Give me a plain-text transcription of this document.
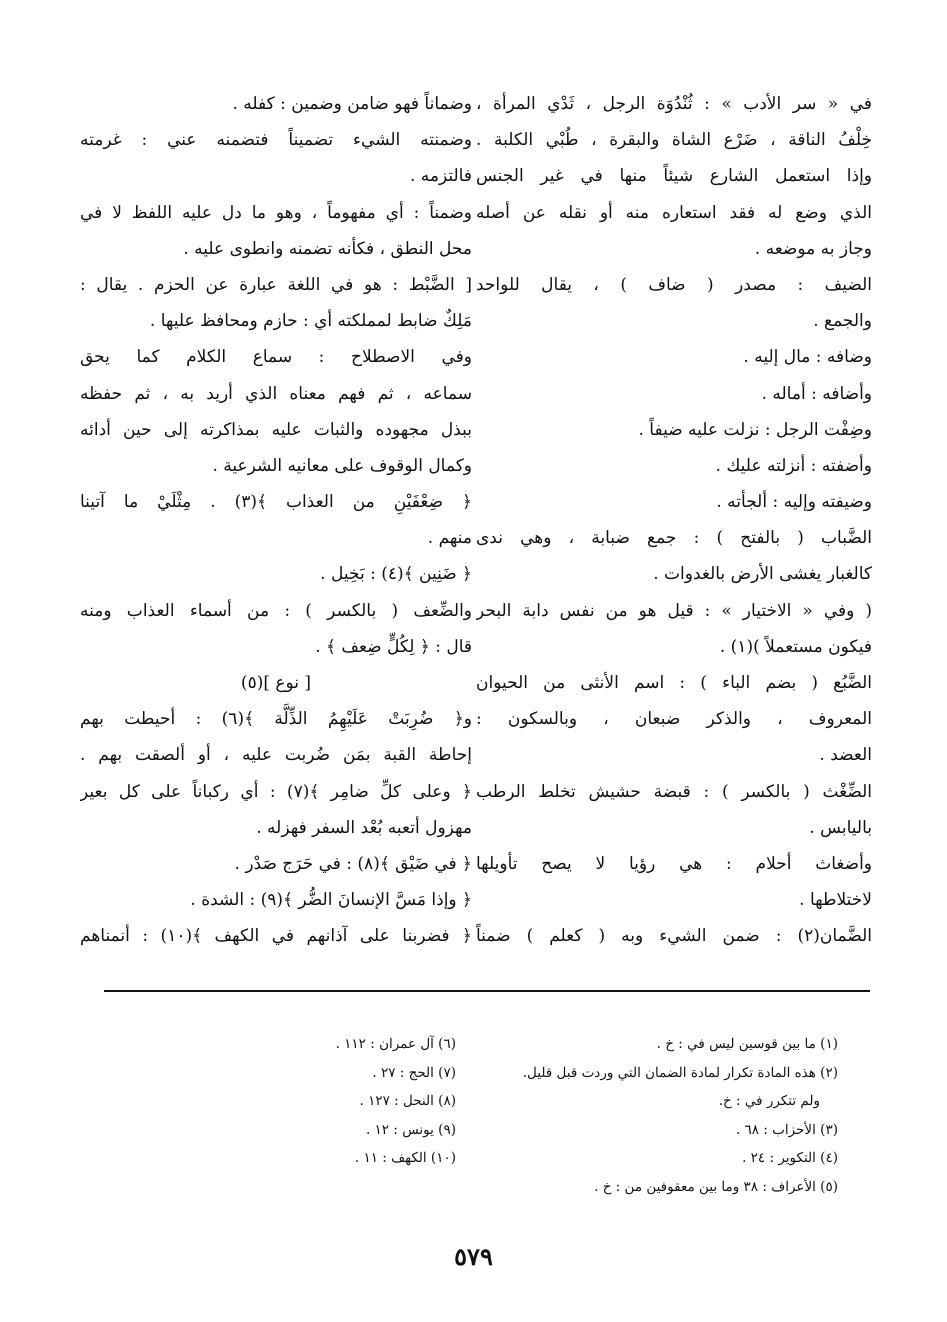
في « سر الأدب » : ثُنْدُوَة الرجل ، ثَدْي المرأة ،
خِلْفُ الناقة ، ضَرْع الشاة والبقرة ، طُبْي الكلبة .
وإذا استعمل الشارع شيئاً منها في غير الجنس
الذي وضع له فقد استعاره منه أو نقله عن أصله
وجاز به موضعه .
الضيف : مصدر ( ضاف ) ، يقال للواحد
والجمع .
وضافه : مال إليه .
وأضافه : أماله .
وضِفْت الرجل : نزلت عليه ضيفاً .
وأضفته : أنزلته عليك .
وضيفته وإليه : ألجأته .
الضَّباب ( بالفتح ) : جمع ضبابة ، وهي ندى
كالغبار يغشى الأرض بالغدوات .
( وفي « الاختيار » : قيل هو من نفس دابة البحر
فيكون مستعملاً )(١) .
الضَّبُع ( بضم الباء ) : اسم الأنثى من الحيوان
المعروف ، والذكر ضبعان ، وبالسكون :
العضد .
الضِّغْث ( بالكسر ) : قبضة حشيش تخلط الرطب
باليابس .
وأضغاث أحلام : هي رؤيا لا يصح تأويلها
لاختلاطها .
الضَّمان(٢) : ضمن الشيء وبه ( كعلم ) ضمناً
وضماناً فهو ضامن وضمين : كفله .
وضمنته الشيء تضميناً فتضمنه عني : غرمته
فالتزمه .
وضمناً : أي مفهوماً ، وهو ما دل عليه اللفظ لا في
محل النطق ، فكأنه تضمنه وانطوى عليه .
[ الضَّبْط : هو في اللغة عبارة عن الحزم . يقال :
مَلِكٌ ضابط لمملكته أي : حازم ومحافظ عليها .
وفي الاصطلاح : سماع الكلام كما يحق
سماعه ، ثم فهم معناه الذي أريد به ، ثم حفظه
ببذل مجهوده والثبات عليه بمذاكرته إلى حين أدائه
وكمال الوقوف على معانيه الشرعية .
﴿ ضِعْفَيْنِ من العذاب ﴾(٣) . مِثْلَيْ ما آتينا
منهم .
﴿ ضَنِين ﴾(٤) : بَخِيل .
والضِّعف ( بالكسر ) : من أسماء العذاب ومنه
قال : ﴿ لِكُلٍّ ضِعف ﴾ .
[ نوع ](٥)
و﴿ ضُرِبَتْ عَلَيْهِمُ الذِّلَّة ﴾(٦) : أحيطت بهم
إحاطة القبة بمَن ضُربت عليه ، أو ألصقت بهم .
﴿ وعلى كلِّ ضامِر ﴾(٧) : أي ركباناً على كل بعير
مهزول أتعبه بُعْد السفر فهزله .
﴿ في ضَيْق ﴾(٨) : في حَرَج صَدْر .
﴿ وإذا مَسَّ الإنسانَ الضُّر ﴾(٩) : الشدة .
﴿ فضربنا على آذانهم في الكهف ﴾(١٠) : أنمناهم
(١) ما بين قوسين ليس في : خ .
(٢) هذه المادة تكرار لمادة الضمان التي وردت قبل قليل.
ولم تتكرر في : خ.
(٣) الأحزاب : ٦٨ .
(٤) التكوير : ٢٤ .
(٥) الأعراف : ٣٨ وما بين معقوفين من : خ .
(٦) آل عمران : ١١٢ .
(٧) الحج : ٢٧ .
(٨) النحل : ١٢٧ .
(٩) يونس : ١٢ .
(١٠) الكهف : ١١ .
٥٧٩
